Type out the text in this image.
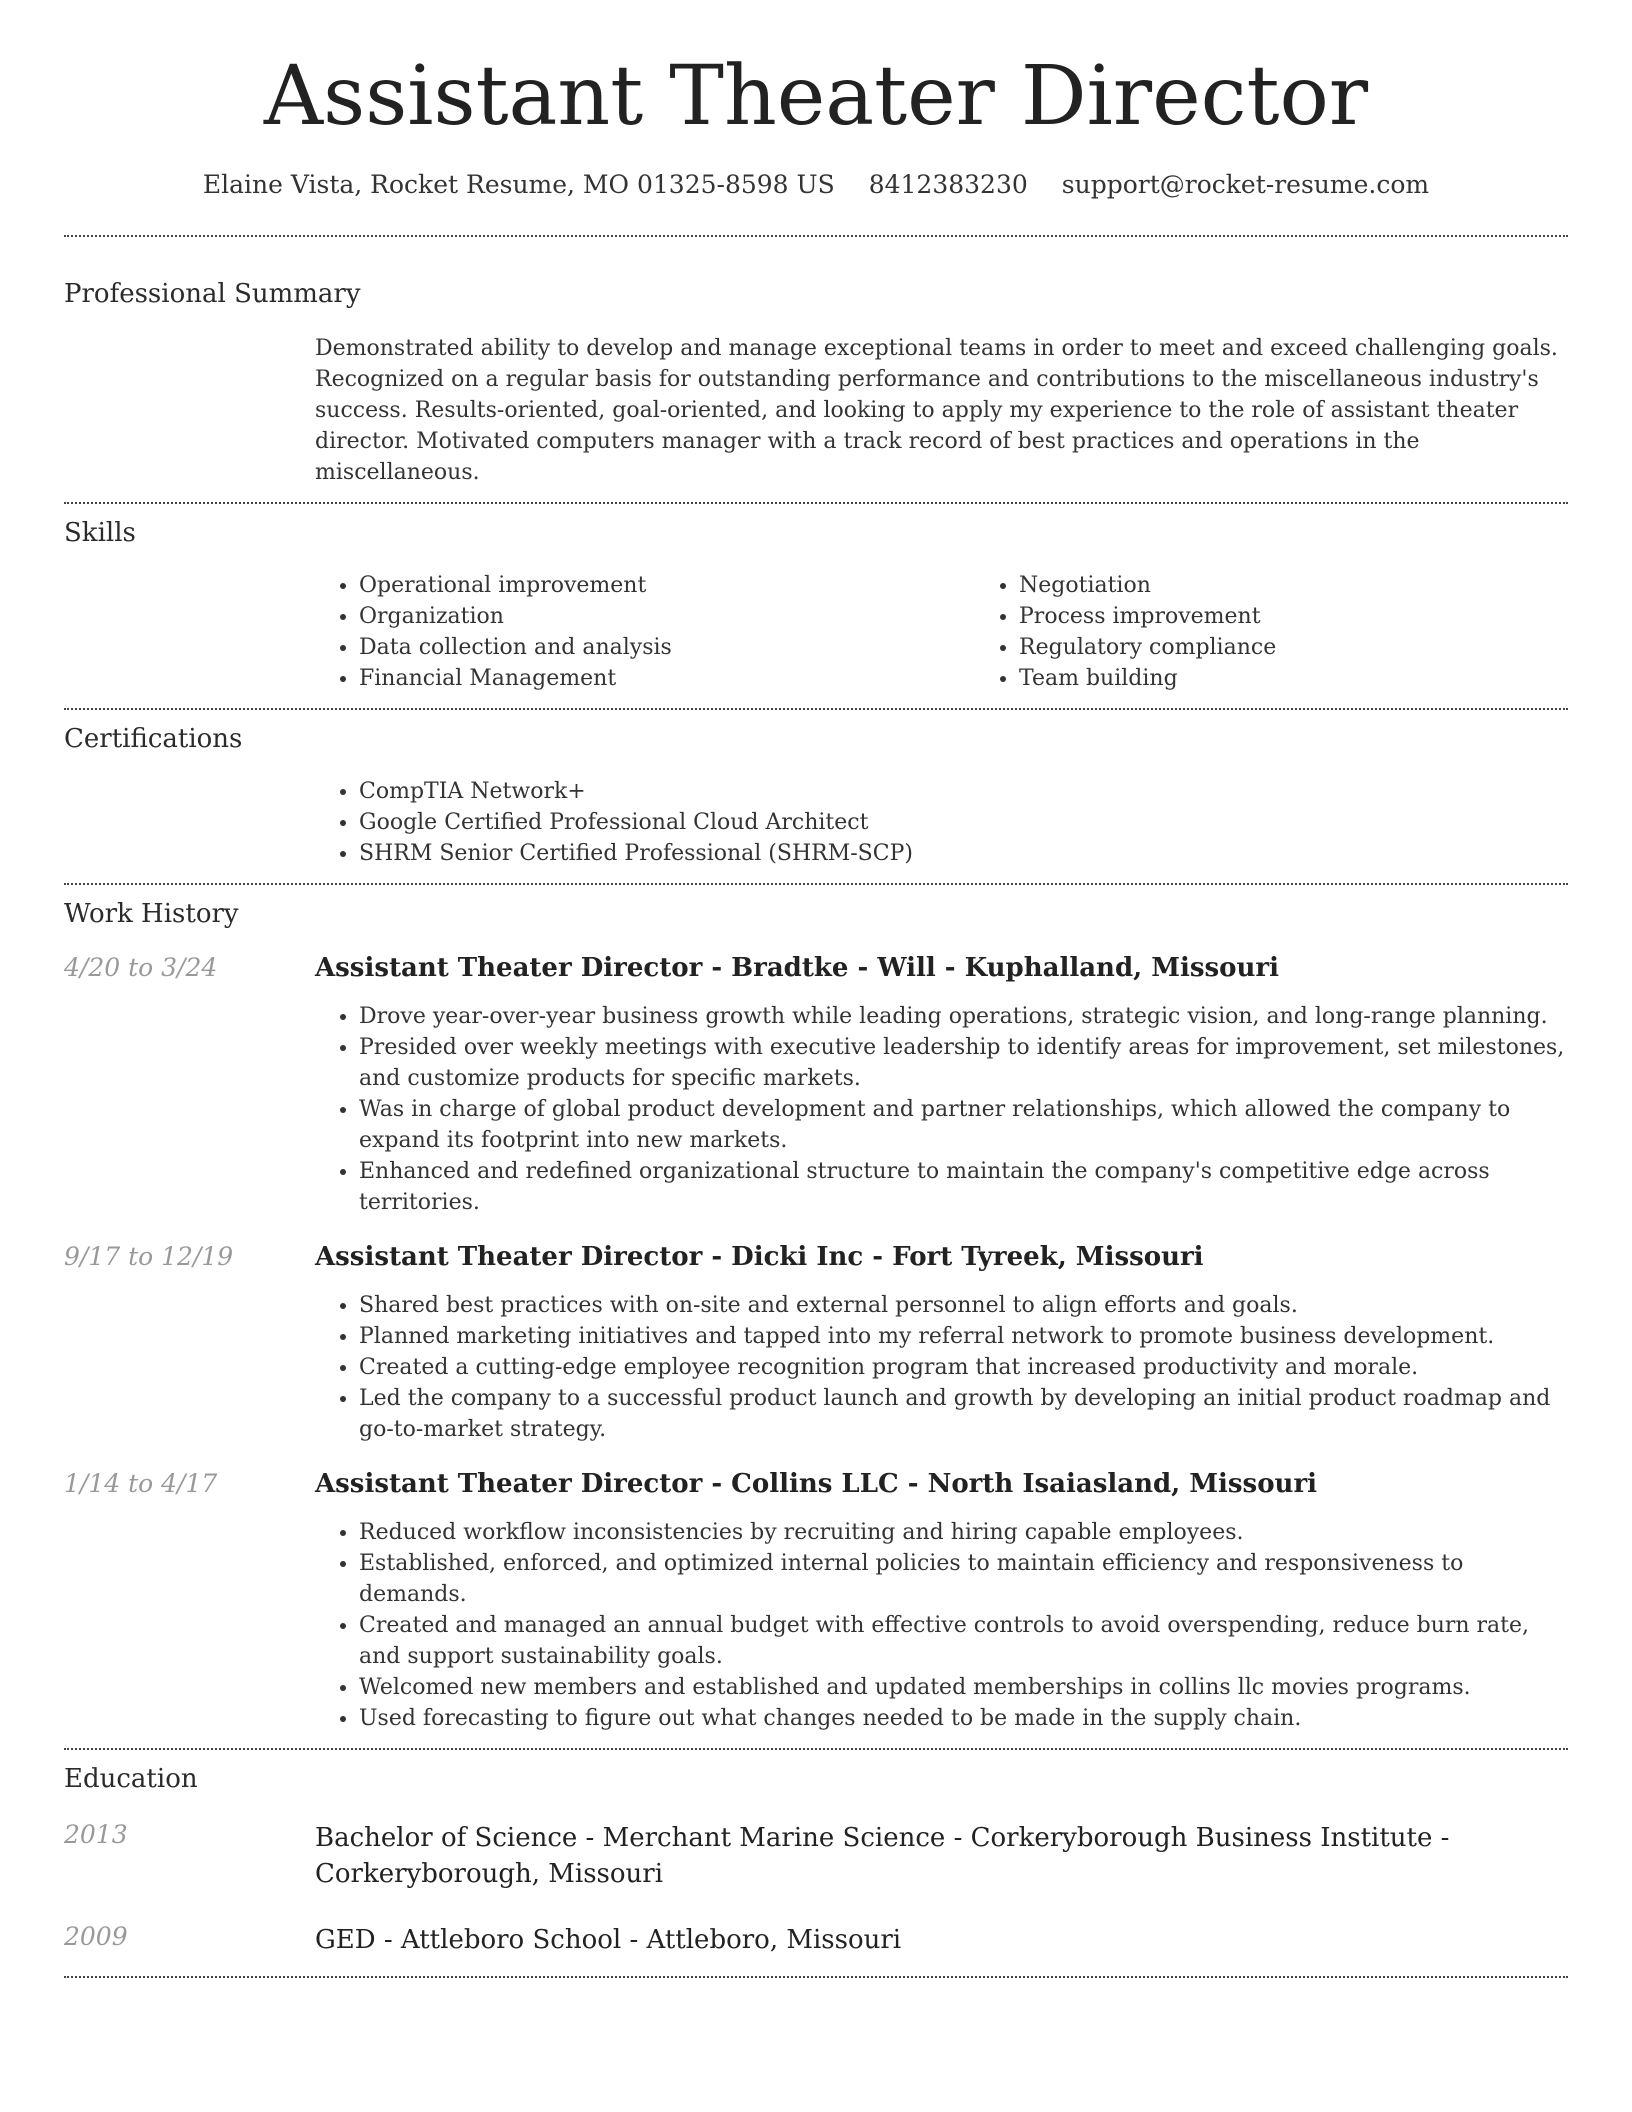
Assistant Theater Director
Elaine Vista, Rocket Resume, MO 01325-8598 US 8412383230 support@rocket-resume.com
Professional Summary

Demonstrated ability to develop and manage exceptional teams in order to meet and exceed challenging goals. Recognized on a regular basis for outstanding performance and contributions to the miscellaneous industry's success. Results-oriented, goal-oriented, and looking to apply my experience to the role of assistant theater director. Motivated computers manager with a track record of best practices and operations in the miscellaneous.

Skills
• Operational improvement
• Organization
• Data collection and analysis
• Financial Management
• Negotiation
• Process improvement
• Regulatory compliance
• Team building
Certifications
• CompTIA Network+
• Google Certified Professional Cloud Architect
• SHRM Senior Certified Professional (SHRM-SCP)
Work History
4/20 to 3/24	Assistant Theater Director - Bradtke - Will - Kuphalland, Missouri
• Drove year-over-year business growth while leading operations, strategic vision, and long-range planning.
• Presided over weekly meetings with executive leadership to identify areas for improvement, set milestones, and customize products for specific markets.
• Was in charge of global product development and partner relationships, which allowed the company to expand its footprint into new markets.
• Enhanced and redefined organizational structure to maintain the company's competitive edge across territories.
9/17 to 12/19	Assistant Theater Director - Dicki Inc - Fort Tyreek, Missouri
• Shared best practices with on-site and external personnel to align efforts and goals.
• Planned marketing initiatives and tapped into my referral network to promote business development.
• Created a cutting-edge employee recognition program that increased productivity and morale.
• Led the company to a successful product launch and growth by developing an initial product roadmap and go-to-market strategy.
1/14 to 4/17	Assistant Theater Director - Collins LLC - North Isaiasland, Missouri
• Reduced workflow inconsistencies by recruiting and hiring capable employees.
• Established, enforced, and optimized internal policies to maintain efficiency and responsiveness to demands.
• Created and managed an annual budget with effective controls to avoid overspending, reduce burn rate, and support sustainability goals.
• Welcomed new members and established and updated memberships in collins llc movies programs.
• Used forecasting to figure out what changes needed to be made in the supply chain.
Education
2013	Bachelor of Science - Merchant Marine Science - Corkeryborough Business Institute - Corkeryborough, Missouri
2009	GED - Attleboro School - Attleboro, Missouri
